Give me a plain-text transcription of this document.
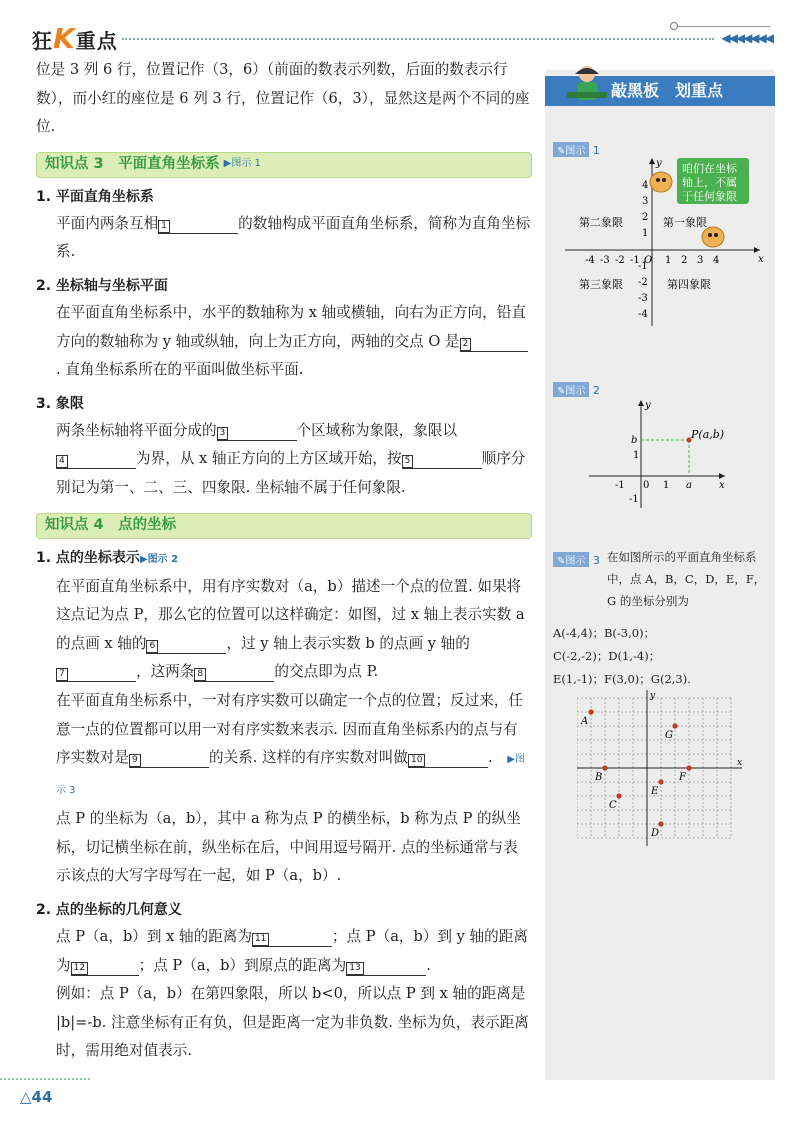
狂K重点	◀◀◀◀◀◀◀

位是 3 列 6 行，位置记作（3，6）（前面的数表示列数，后面的数表示行数），而小红的座位是 6 列 3 行，位置记作（6，3），显然这是两个不同的座位.

知识点 3　平面直角坐标系 ▶图示 1
1. 平面直角坐标系

平面内两条互相 1	的数轴构成平面直角坐标系，简称为直角坐标系.

2. 坐标轴与坐标平面

在平面直角坐标系中，水平的数轴称为 x 轴或横轴，向右为正方向，铅直方向的数轴称为 y 轴或纵轴，向上为正方向，两轴的交点 O 是 2. 直角坐标系所在的平面叫做坐标平面.

3. 象限

两条坐标轴将平面分成的 3	个区域称为象限，象限以4	为界，从 x 轴正方向的上方区域开始，按 5	顺序分别记为第一、二、三、四象限. 坐标轴不属于任何象限.

知识点 4　点的坐标
1. 点的坐标表示▶图示 2

在平面直角坐标系中，用有序实数对（a，b）描述一个点的位置. 如果将这点记为点 P，那么它的位置可以这样确定：如图，过 x 轴上表示实数 a 的点画 x 轴的 6	，过 y 轴上表示实数 b 的点画 y 轴的7	，这两条 8	的交点即为点 P.

在平面直角坐标系中，一对有序实数可以确定一个点的位置；反过来，任意一点的位置都可以用一对有序实数来表示. 因而直角坐标系内的点与有序实数对是 9	的关系. 这样的有序实数对叫做 10	.　 ▶图示 3

点 P 的坐标为（a，b），其中 a 称为点 P 的横坐标，b 称为点 P 的纵坐标，切记横坐标在前，纵坐标在后，中间用逗号隔开. 点的坐标通常与表示该点的大写字母写在一起，如 P（a，b）.

2. 点的坐标的几何意义

点 P（a，b）到 x 轴的距离为 11	；点 P（a，b）到 y 轴的距离为 12	；点 P（a，b）到原点的距离为 13	.

例如：点 P（a，b）在第四象限，所以 b<0，所以点 P 到 x 轴的距离是 |b|=-b. 注意坐标有正有负，但是距离一定为非负数. 坐标为负，表示距离时，需用绝对值表示.

敲黑板　划重点
✎图示 1
x
y
-4 -3 -2 -1 O 1 2 3 4
4
3
2
1
-1
-2
-3
-4
第二象限	第一象限
第三象限	第四象限
咱们在坐标
轴上，不属
于任何象限
✎图示 2
x
y
P(a,b)
b
1
a
-1 0 1
-1
✎图示 3 在如图所示的平面直角坐标系中，点 A，B，C，D，E，F，G 的坐标分别为
A(-4,4)；B(-3,0)；
C(-2,-2)；D(1,-4)；
E(1,-1)；F(3,0)；G(2,3).
x
y
A
B
C
D
E
F
G
△44
